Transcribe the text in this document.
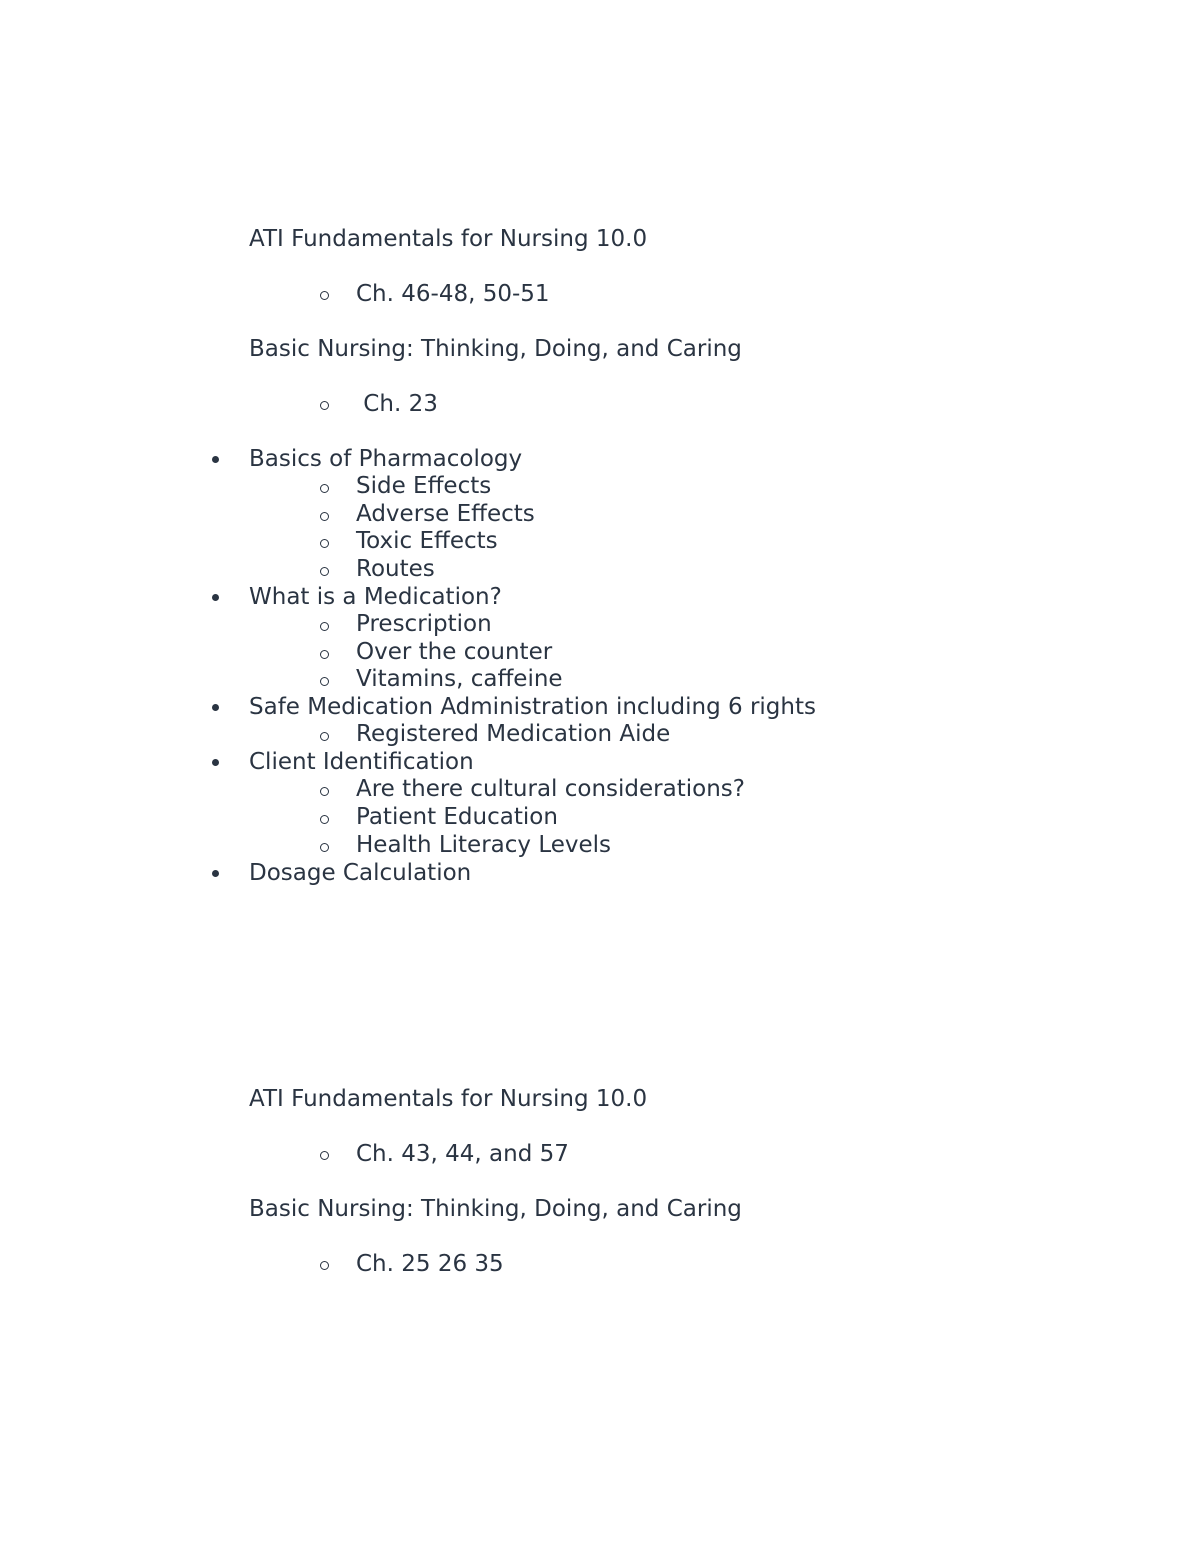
ATI Fundamentals for Nursing 10.0
Ch. 46-48, 50-51
Basic Nursing: Thinking, Doing, and Caring
Ch. 23
Basics of Pharmacology
Side Effects
Adverse Effects
Toxic Effects
Routes
What is a Medication?
Prescription
Over the counter
Vitamins, caffeine
Safe Medication Administration including 6 rights
Registered Medication Aide
Client Identification
Are there cultural considerations?
Patient Education
Health Literacy Levels
Dosage Calculation
ATI Fundamentals for Nursing 10.0
Ch. 43, 44, and 57
Basic Nursing: Thinking, Doing, and Caring
Ch. 25 26 35
